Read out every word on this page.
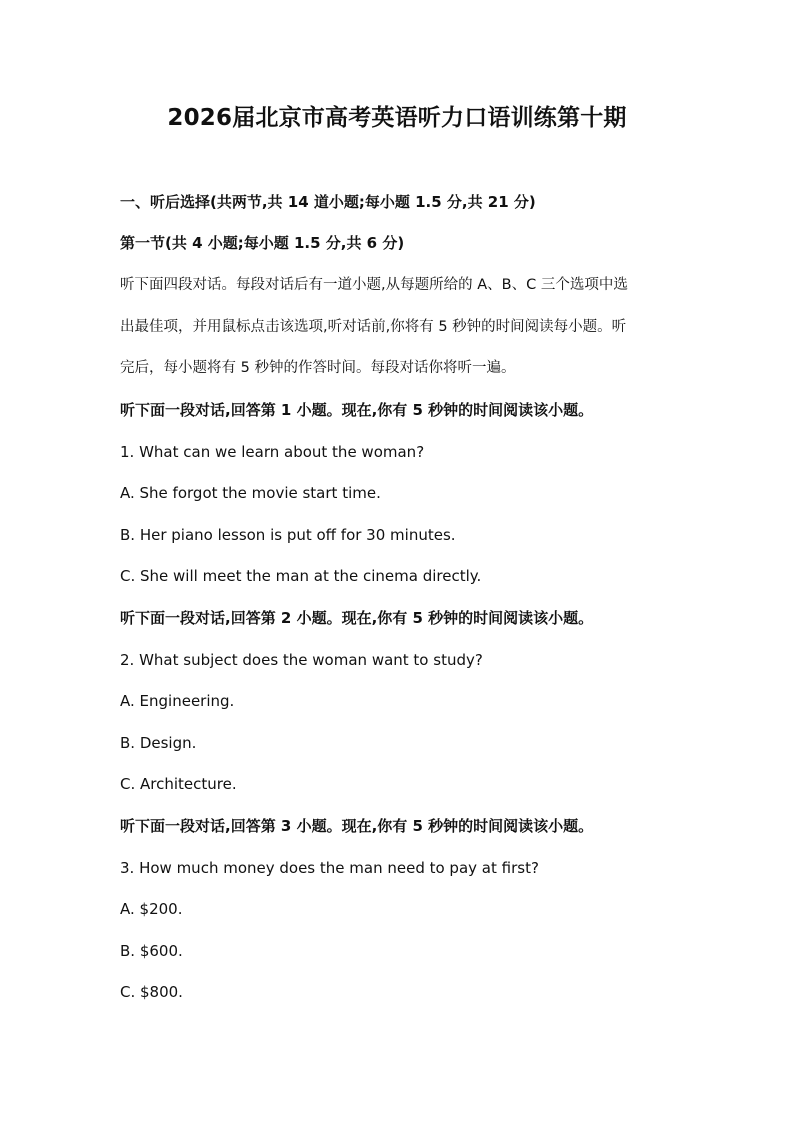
2026届北京市高考英语听力口语训练第十期
一、听后选择(共两节,共 14 道小题;每小题 1.5 分,共 21 分)
第一节(共 4 小题;每小题 1.5 分,共 6 分)
听下面四段对话。每段对话后有一道小题,从每题所给的 A、B、C 三个选项中选
出最佳项，并用鼠标点击该选项,听对话前,你将有 5 秒钟的时间阅读每小题。听
完后，每小题将有 5 秒钟的作答时间。每段对话你将听一遍。
听下面一段对话,回答第 1 小题。现在,你有 5 秒钟的时间阅读该小题。
1. What can we learn about the woman?
A. She forgot the movie start time.
B. Her piano lesson is put off for 30 minutes.
C. She will meet the man at the cinema directly.
听下面一段对话,回答第 2 小题。现在,你有 5 秒钟的时间阅读该小题。
2. What subject does the woman want to study?
A. Engineering.
B. Design.
C. Architecture.
听下面一段对话,回答第 3 小题。现在,你有 5 秒钟的时间阅读该小题。
3. How much money does the man need to pay at first?
A. $200.
B. $600.
C. $800.
